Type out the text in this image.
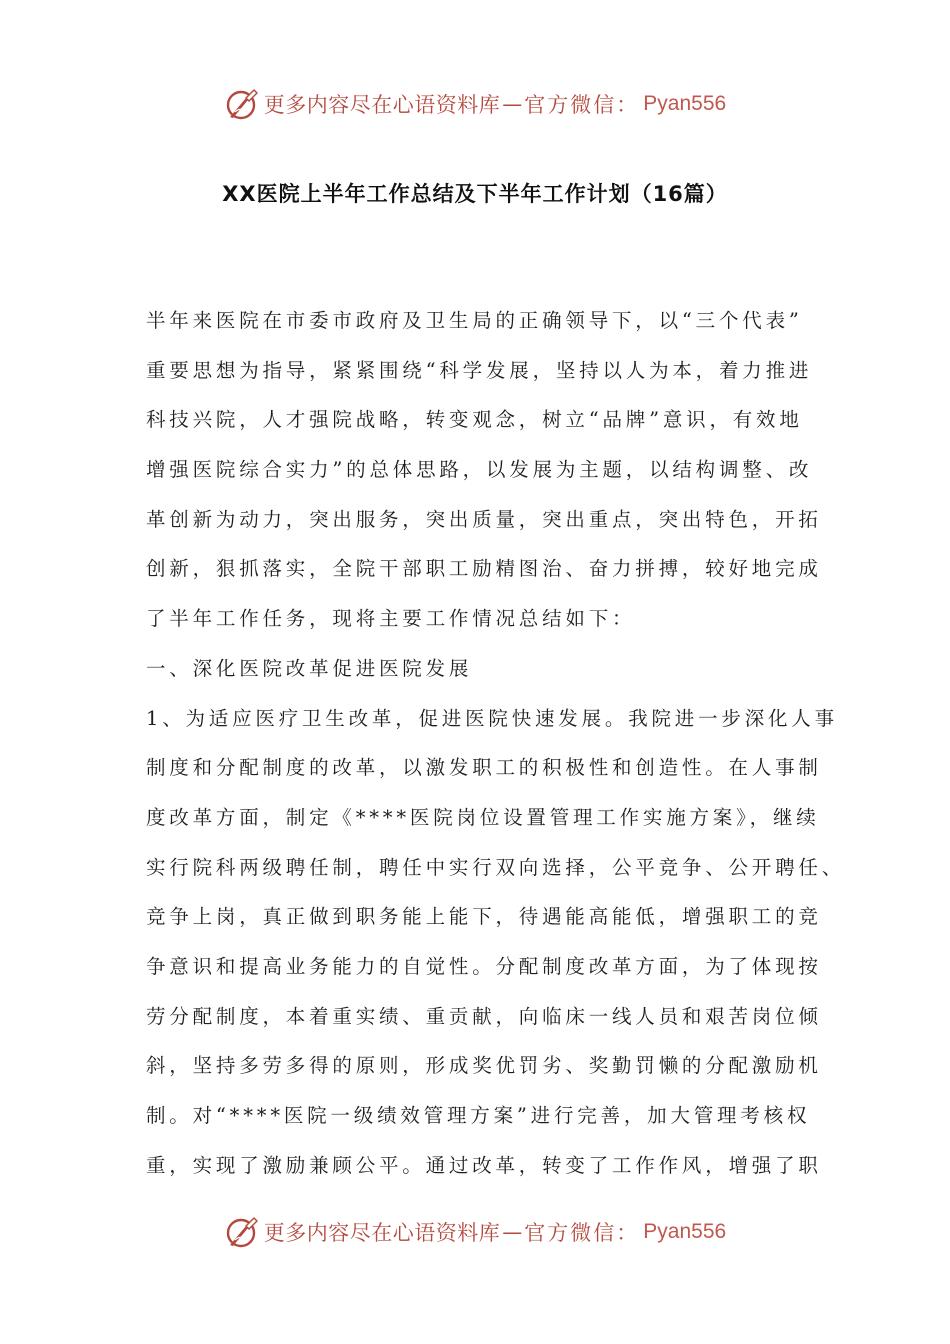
更多内容尽在心语资料库 — 官方微信： Pyan556
XX医院上半年工作总结及下半年工作计划（16篇）
半年来医院在市委市政府及卫生局的正确领导下，以“三个代表”
重要思想为指导，紧紧围绕“科学发展，坚持以人为本，着力推进
科技兴院，人才强院战略，转变观念，树立“品牌”意识，有效地
增强医院综合实力”的总体思路，以发展为主题，以结构调整、改
革创新为动力，突出服务，突出质量，突出重点，突出特色，开拓
创新，狠抓落实，全院干部职工励精图治、奋力拼搏，较好地完成
了半年工作任务，现将主要工作情况总结如下：
一、深化医院改革促进医院发展
1、为适应医疗卫生改革，促进医院快速发展。我院进一步深化人事
制度和分配制度的改革，以激发职工的积极性和创造性。在人事制
度改革方面，制定《****医院岗位设置管理工作实施方案》，继续
实行院科两级聘任制，聘任中实行双向选择，公平竞争、公开聘任、
竞争上岗，真正做到职务能上能下，待遇能高能低，增强职工的竞
争意识和提高业务能力的自觉性。分配制度改革方面，为了体现按
劳分配制度，本着重实绩、重贡献，向临床一线人员和艰苦岗位倾
斜，坚持多劳多得的原则，形成奖优罚劣、奖勤罚懒的分配激励机
制。对“****医院一级绩效管理方案”进行完善，加大管理考核权
重，实现了激励兼顾公平。通过改革，转变了工作作风，增强了职
更多内容尽在心语资料库 — 官方微信： Pyan556
